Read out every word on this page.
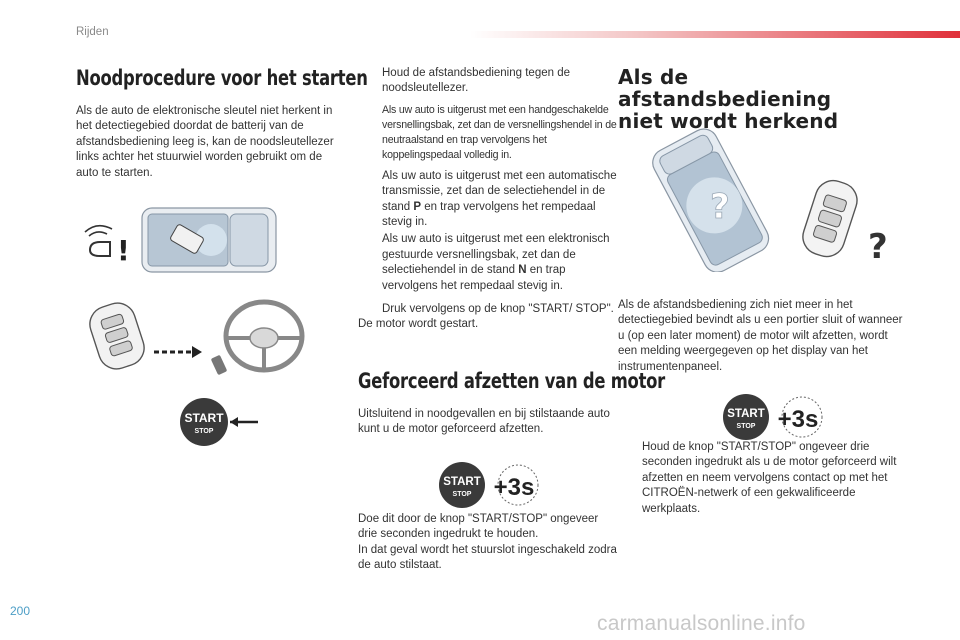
Rijden
Noodprocedure voor het starten

Als de auto de elektronische sleutel niet herkent in het detectiegebied doordat de batterij van de afstandsbediening leeg is, kan de noodsleutellezer links achter het stuurwiel worden gebruikt om de auto te starten.

!
START
STOP
Houd de afstandsbediening tegen de noodsleutellezer.
Als uw auto is uitgerust met een handgeschakelde versnellingsbak, zet dan de versnellingshendel in de neutraalstand en trap vervolgens het koppelingspedaal volledig in.
Als uw auto is uitgerust met een automatische transmissie, zet dan de selectiehendel in de stand P en trap vervolgens het rempedaal stevig in.
Als uw auto is uitgerust met een elektronisch gestuurde versnellingsbak, zet dan de selectiehendel in de stand N en trap vervolgens het rempedaal stevig in.
Druk vervolgens op de knop "START/ STOP".

De motor wordt gestart.

Geforceerd afzetten van de motor

Uitsluitend in noodgevallen en bij stilstaande auto kunt u de motor geforceerd afzetten.

START
STOP +3s

Doe dit door de knop "START/STOP" ongeveer drie seconden ingedrukt te houden.

In dat geval wordt het stuurslot ingeschakeld zodra de auto stilstaat.

Als de afstandsbediening
niet wordt herkend
?
?

Als de afstandsbediening zich niet meer in het detectiegebied bevindt als u een portier sluit of wanneer u (op een later moment) de motor wilt afzetten, wordt een melding weergegeven op het display van het instrumentenpaneel.

START
STOP +3s
Houd de knop "START/STOP" ongeveer drie seconden ingedrukt als u de motor geforceerd wilt afzetten en neem vervolgens contact op met het CITROËN-netwerk of een gekwalificeerde werkplaats.
200
carmanualsonline.info
